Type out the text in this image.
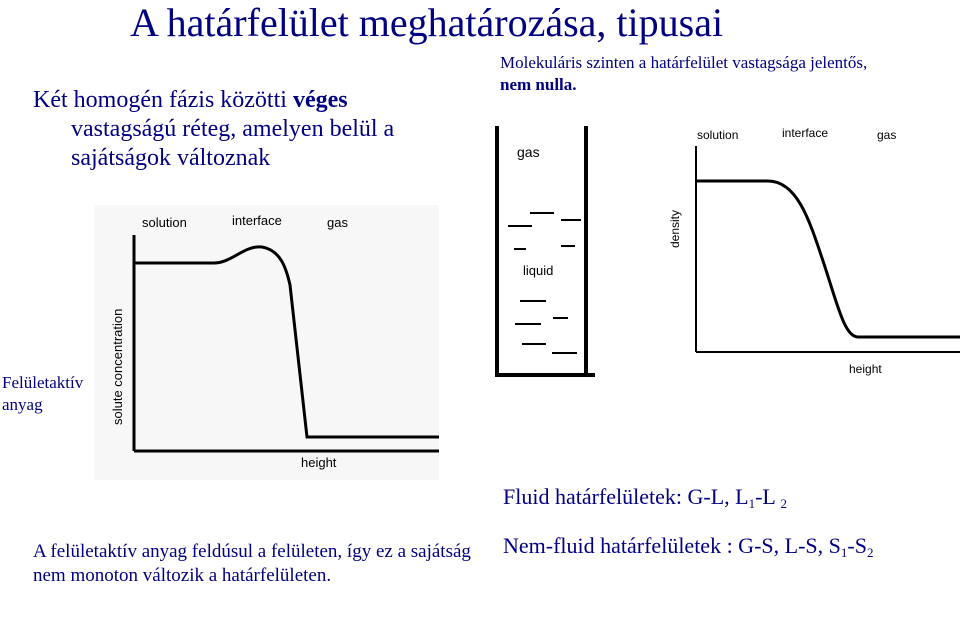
A határfelület meghatározása, tipusai
Két homogén fázis közötti véges
vastagságú réteg, amelyen belül a
sajátságok változnak
Molekuláris szinten a határfelület vastagsága jelentős,
nem nulla.
Felületaktív
anyag
solution	interface	gas
solute concentration
height
gas
liquid
solution	interface	gas
density
height
A felületaktív anyag feldúsul a felületen, így ez a sajátság nem monoton változik a határfelületen.
Fluid határfelületek: G-L, $L_1-L$ $_2$
Nem-fluid határfelületek : G-S, L-S, $S_1-S_2$
